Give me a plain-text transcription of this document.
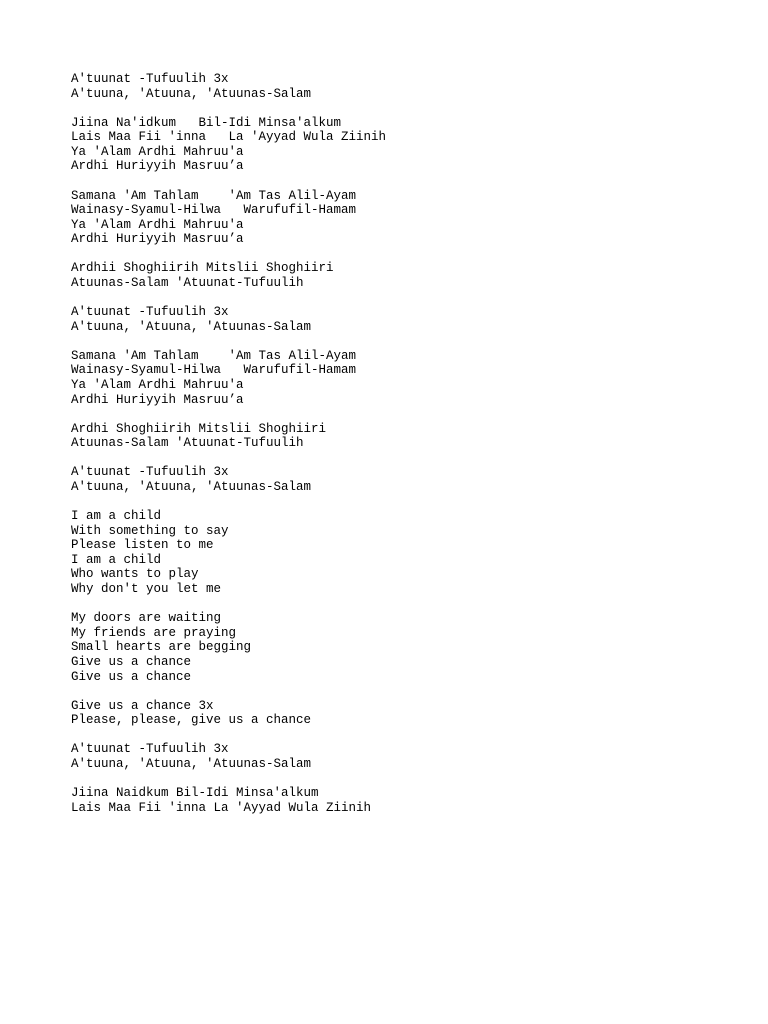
A'tuunat -Tufuulih 3x
A'tuuna, 'Atuuna, 'Atuunas-Salam
Jiina Na'idkum   Bil-Idi Minsa'alkum
Lais Maa Fii 'inna   La 'Ayyad Wula Ziinih
Ya 'Alam Ardhi Mahruu'a
Ardhi Huriyyih Masruu’a
Samana 'Am Tahlam    'Am Tas Alil-Ayam
Wainasy-Syamul-Hilwa   Warufufil-Hamam
Ya 'Alam Ardhi Mahruu'a
Ardhi Huriyyih Masruu’a
Ardhii Shoghiirih Mitslii Shoghiiri
Atuunas-Salam 'Atuunat-Tufuulih
A'tuunat -Tufuulih 3x
A'tuuna, 'Atuuna, 'Atuunas-Salam
Samana 'Am Tahlam    'Am Tas Alil-Ayam
Wainasy-Syamul-Hilwa   Warufufil-Hamam
Ya 'Alam Ardhi Mahruu'a
Ardhi Huriyyih Masruu’a
Ardhi Shoghiirih Mitslii Shoghiiri
Atuunas-Salam 'Atuunat-Tufuulih
A'tuunat -Tufuulih 3x
A'tuuna, 'Atuuna, 'Atuunas-Salam
I am a child
With something to say
Please listen to me
I am a child
Who wants to play
Why don't you let me
My doors are waiting
My friends are praying
Small hearts are begging
Give us a chance
Give us a chance
Give us a chance 3x
Please, please, give us a chance
A'tuunat -Tufuulih 3x
A'tuuna, 'Atuuna, 'Atuunas-Salam
Jiina Naidkum Bil-Idi Minsa'alkum
Lais Maa Fii 'inna La 'Ayyad Wula Ziinih
